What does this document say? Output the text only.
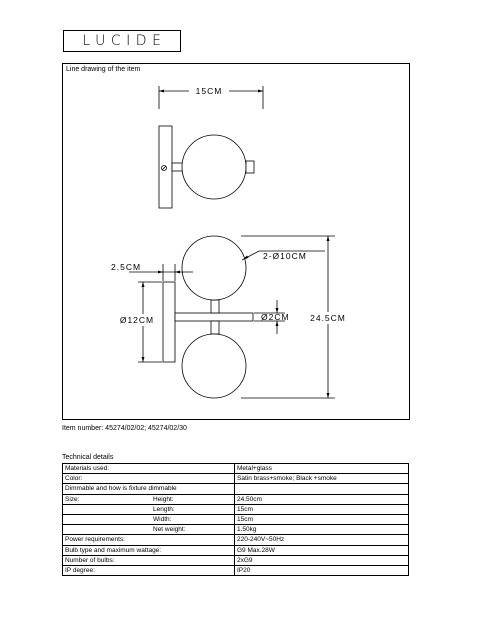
LUCIDE
Line drawing of the item
15CM
2.5CM
Ø12CM
2-Ø10CM
Ø2CM 24.5CM
Item number: 45274/02/02; 45274/02/30
Technical details
Materials used:	Metal+glass
Color:	Satin brass+smoke; Black +smoke
Dimmable and how is fixture dimmable	

Size: Height:	24.50cm

Length:	15cm

Width:	15cm

Net weight:	1.50kg
Power requirements:	220-240V~50Hz
Bulb type and maximum wattage:	G9 Max.28W
Number of bulbs:	2xG9
IP degree:	IP20
